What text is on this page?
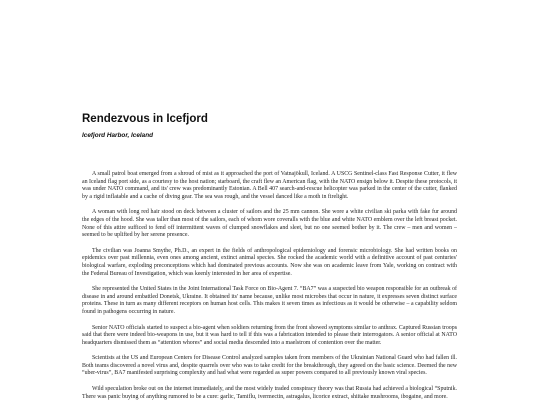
Rendezvous in Icefjord

Icefjord Harbor, Iceland

A small patrol boat emerged from a shroud of mist as it approached the port of Vatnajökull, Iceland. A USCG Sentinel-class Fast Response Cutter, it flew an Iceland flag port side, as a courtesy to the host nation; starboard, the craft flew an American flag, with the NATO ensign below it. Despite these protocols, it was under NATO command, and its' crew was predominantly Estonian. A Bell 407 search-and-rescue helicopter was parked in the center of the cutter, flanked by a rigid inflatable and a cache of diving gear. The sea was rough, and the vessel danced like a moth in firelight.

A woman with long red hair stood on deck between a cluster of sailors and the 25 mm cannon. She wore a white civilian ski parka with fake fur around the edges of the hood. She was taller than most of the sailors, each of whom wore coveralls with the blue and white NATO emblem over the left breast pocket. None of this attire sufficed to fend off intermittent waves of clumped snowflakes and sleet, but no one seemed bother by it. The crew – men and women – seemed to be uplifted by her serene presence.

The civilian was Joanna Smythe, Ph.D., an expert in the fields of anthropological epidemiology and forensic microbiology. She had written books on epidemics over past millennia, even ones among ancient, extinct animal species. She rocked the academic world with a definitive account of past centuries' biological warfare, exploding preconceptions which had dominated previous accounts. Now she was on academic leave from Yale, working on contract with the Federal Bureau of Investigation, which was keenly interested in her area of expertise.

She represented the United States in the Joint International Task Force on Bio-Agent 7. “BA7” was a suspected bio weapon responsible for an outbreak of disease in and around embattled Donetsk, Ukraine. It obtained its' name because, unlike most microbes that occur in nature, it expresses seven distinct surface proteins. These in turn as many different receptors on human host cells. This makes it seven times as infectious as it would be otherwise – a capability seldom found in pathogens occurring in nature.

Senior NATO officials started to suspect a bio-agent when soldiers returning from the front showed symptoms similar to anthrax. Captured Russian troops said that there were indeed bio-weapons in use, but it was hard to tell if this was a fabrication intended to please their interrogators. A senior official at NATO headquarters dismissed them as “attention whores” and social media descended into a maelstrom of contention over the matter.

Scientists at the US and European Centers for Disease Control analyzed samples taken from members of the Ukrainian National Guard who had fallen ill. Both teams discovered a novel virus and, despite quarrels over who was to take credit for the breakthrough, they agreed on the basic science. Deemed the new “uber-virus”, BA7 manifested surprising complexity and had what were regarded as super powers compared to all previously known viral species.

Wild speculation broke out on the internet immediately, and the most widely traded conspiracy theory was that Russia had achieved a biological “Sputnik. There was panic buying of anything rumored to be a cure: garlic, Tamiflu, ivermectin, astragalus, licorice extract, shiitake mushrooms, ibogaine, and more.
